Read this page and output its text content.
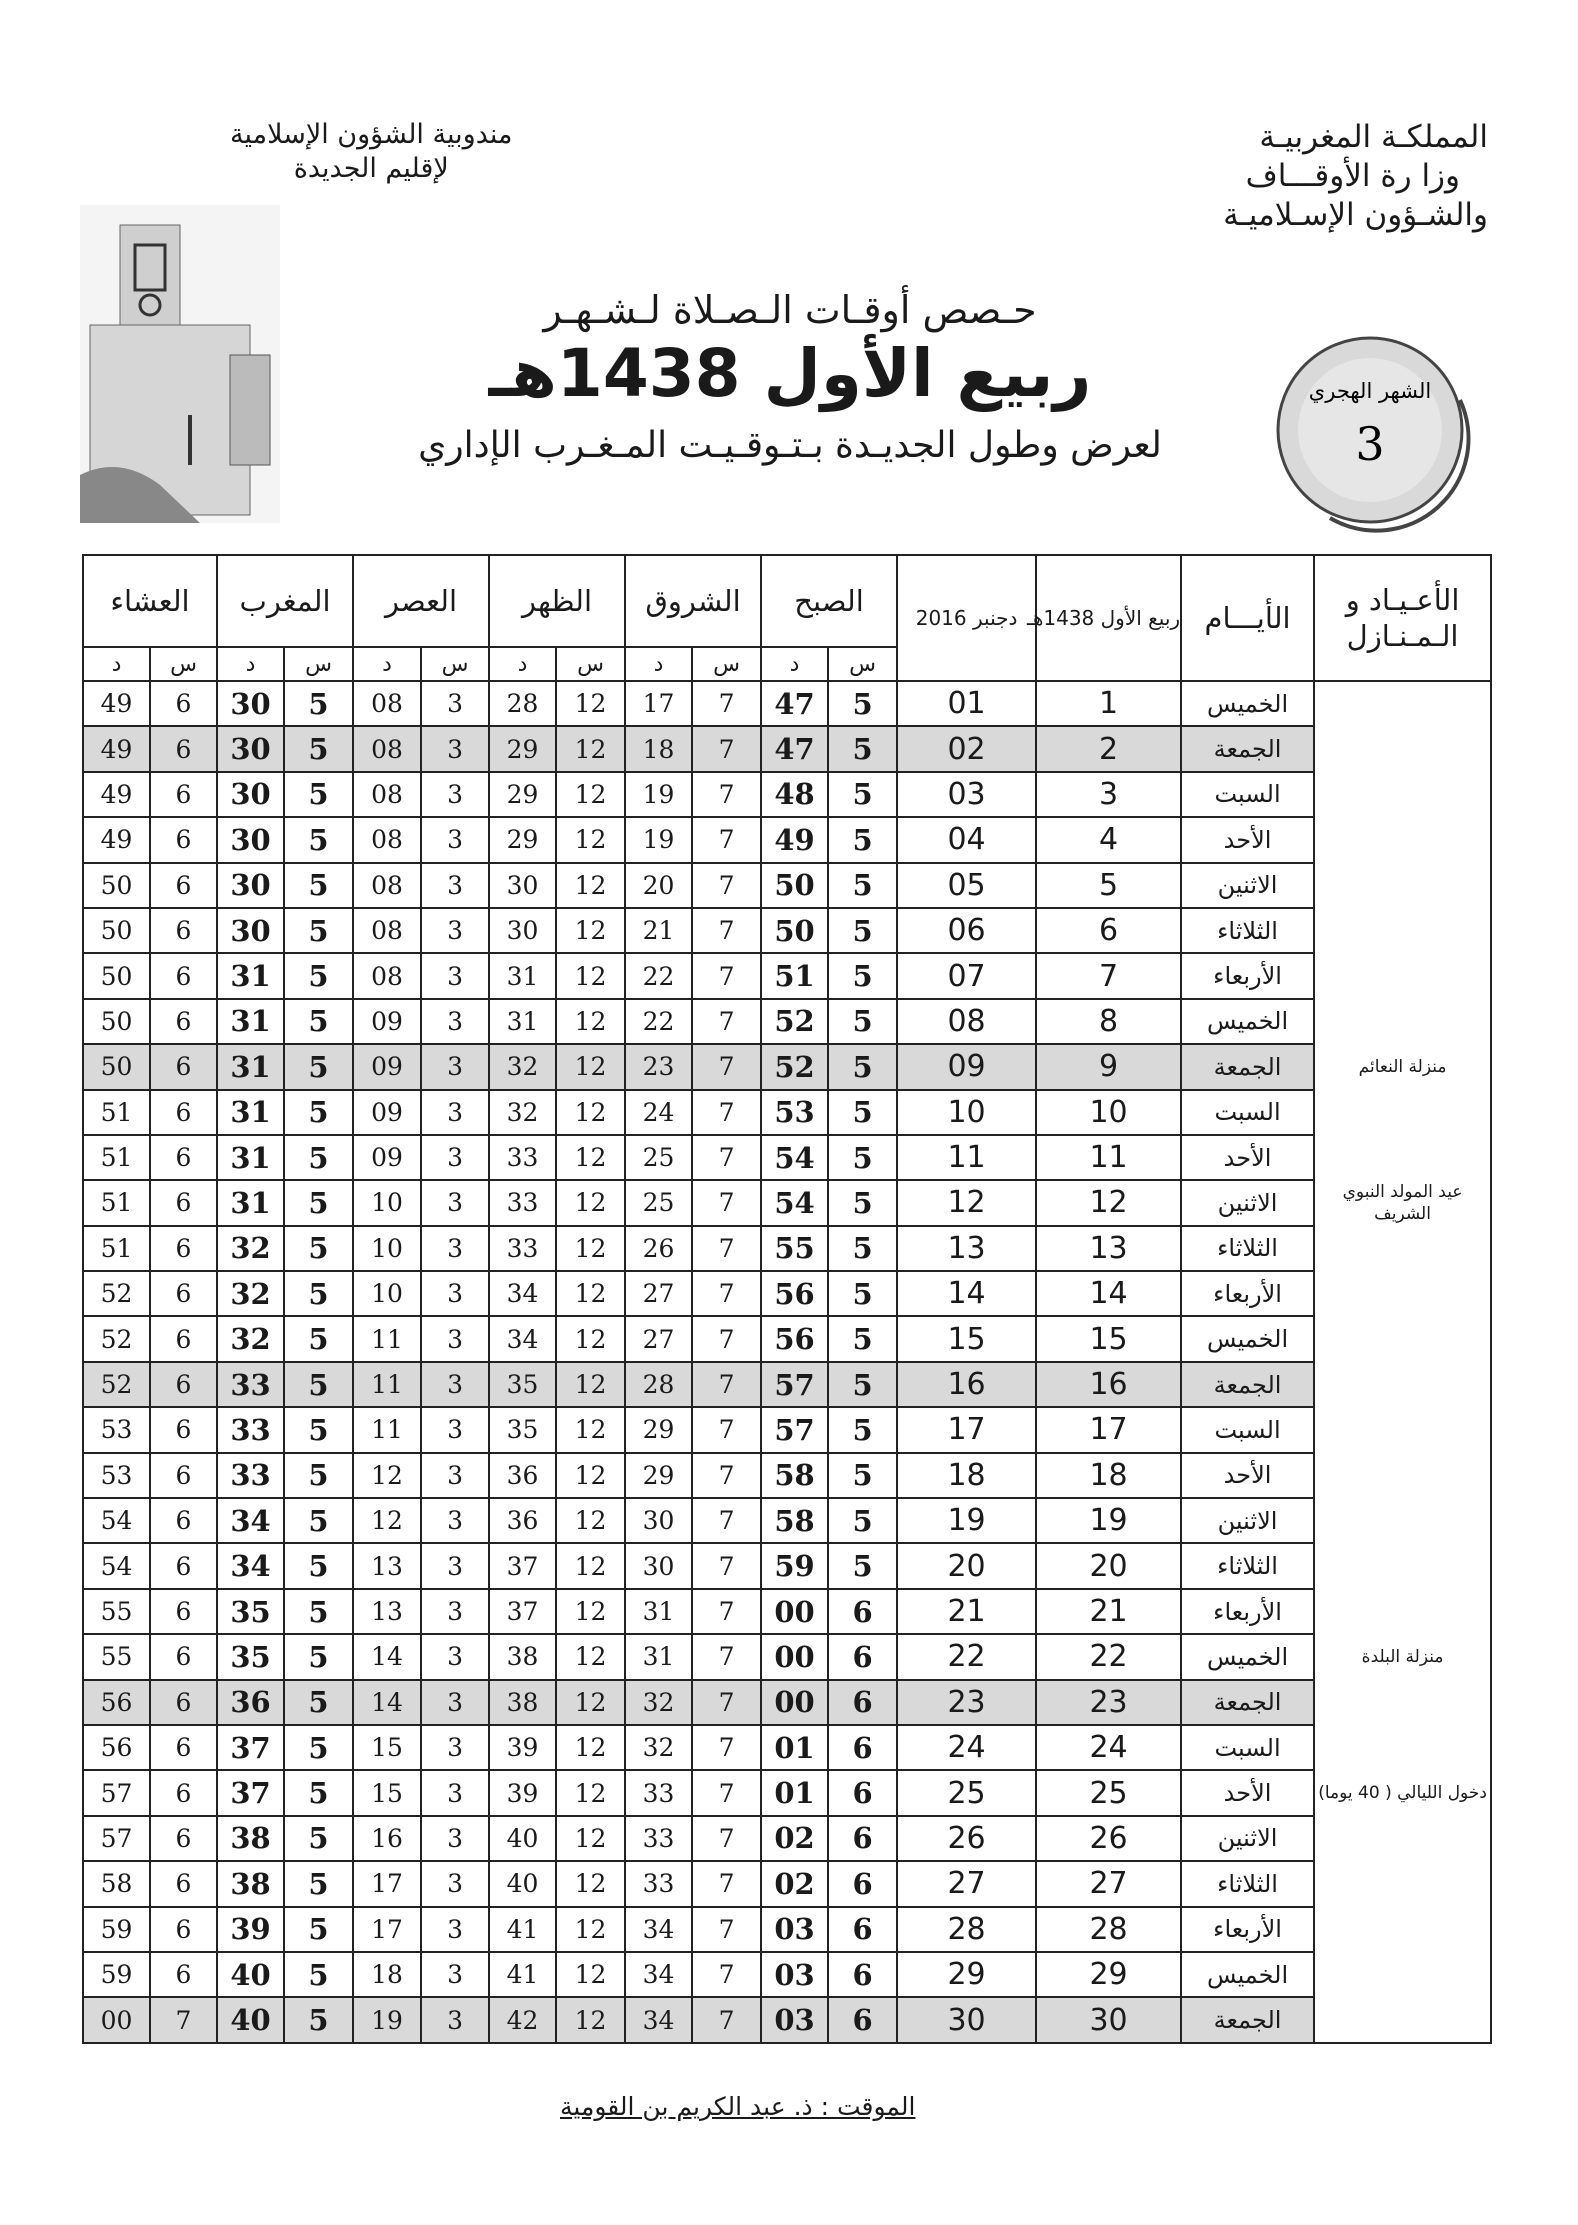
المملكـة المغربيـة
وزا رة الأوقـــاف
والشـؤون الإسـلاميـة
مندوبية الشؤون الإسلامية
لإقليم الجديدة
حـصص أوقـات الـصـلاة لـشـهـر
ربيع الأول 1438هـ
لعرض وطول الجديـدة بـتـوقـيـت المـغـرب الإداري
الشهر الهجري
3
العشاء		المغرب		العصر		الظهر		الشروق		الصبح		دجنبر 2016	ربيع الأول 1438هـ	الأيـــام	الأعـيـاد و الـمـنـازل
د	س	د	س	د	س	د	س	د	س	د	س				
49	6	30	5	08	3	28	12	17	7	47	5	01	1	الخميس	
49	6	30	5	08	3	29	12	18	7	47	5	02	2	الجمعة	
49	6	30	5	08	3	29	12	19	7	48	5	03	3	السبت	
49	6	30	5	08	3	29	12	19	7	49	5	04	4	الأحد	
50	6	30	5	08	3	30	12	20	7	50	5	05	5	الاثنين	
50	6	30	5	08	3	30	12	21	7	50	5	06	6	الثلاثاء	
50	6	31	5	08	3	31	12	22	7	51	5	07	7	الأربعاء	
50	6	31	5	09	3	31	12	22	7	52	5	08	8	الخميس	
50	6	31	5	09	3	32	12	23	7	52	5	09	9	الجمعة	منزلة النعائم
51	6	31	5	09	3	32	12	24	7	53	5	10	10	السبت	
51	6	31	5	09	3	33	12	25	7	54	5	11	11	الأحد	
51	6	31	5	10	3	33	12	25	7	54	5	12	12	الاثنين	عيد المولد النبوي الشريف
51	6	32	5	10	3	33	12	26	7	55	5	13	13	الثلاثاء	
52	6	32	5	10	3	34	12	27	7	56	5	14	14	الأربعاء	
52	6	32	5	11	3	34	12	27	7	56	5	15	15	الخميس	
52	6	33	5	11	3	35	12	28	7	57	5	16	16	الجمعة	
53	6	33	5	11	3	35	12	29	7	57	5	17	17	السبت	
53	6	33	5	12	3	36	12	29	7	58	5	18	18	الأحد	
54	6	34	5	12	3	36	12	30	7	58	5	19	19	الاثنين	
54	6	34	5	13	3	37	12	30	7	59	5	20	20	الثلاثاء	
55	6	35	5	13	3	37	12	31	7	00	6	21	21	الأربعاء	
55	6	35	5	14	3	38	12	31	7	00	6	22	22	الخميس	منزلة البلدة
56	6	36	5	14	3	38	12	32	7	00	6	23	23	الجمعة	
56	6	37	5	15	3	39	12	32	7	01	6	24	24	السبت	
57	6	37	5	15	3	39	12	33	7	01	6	25	25	الأحد	دخول الليالي ( 40 يوما)
57	6	38	5	16	3	40	12	33	7	02	6	26	26	الاثنين	
58	6	38	5	17	3	40	12	33	7	02	6	27	27	الثلاثاء	
59	6	39	5	17	3	41	12	34	7	03	6	28	28	الأربعاء	
59	6	40	5	18	3	41	12	34	7	03	6	29	29	الخميس	
00	7	40	5	19	3	42	12	34	7	03	6	30	30	الجمعة	
الموقت : ذ. عبد الكريم بن القومية
